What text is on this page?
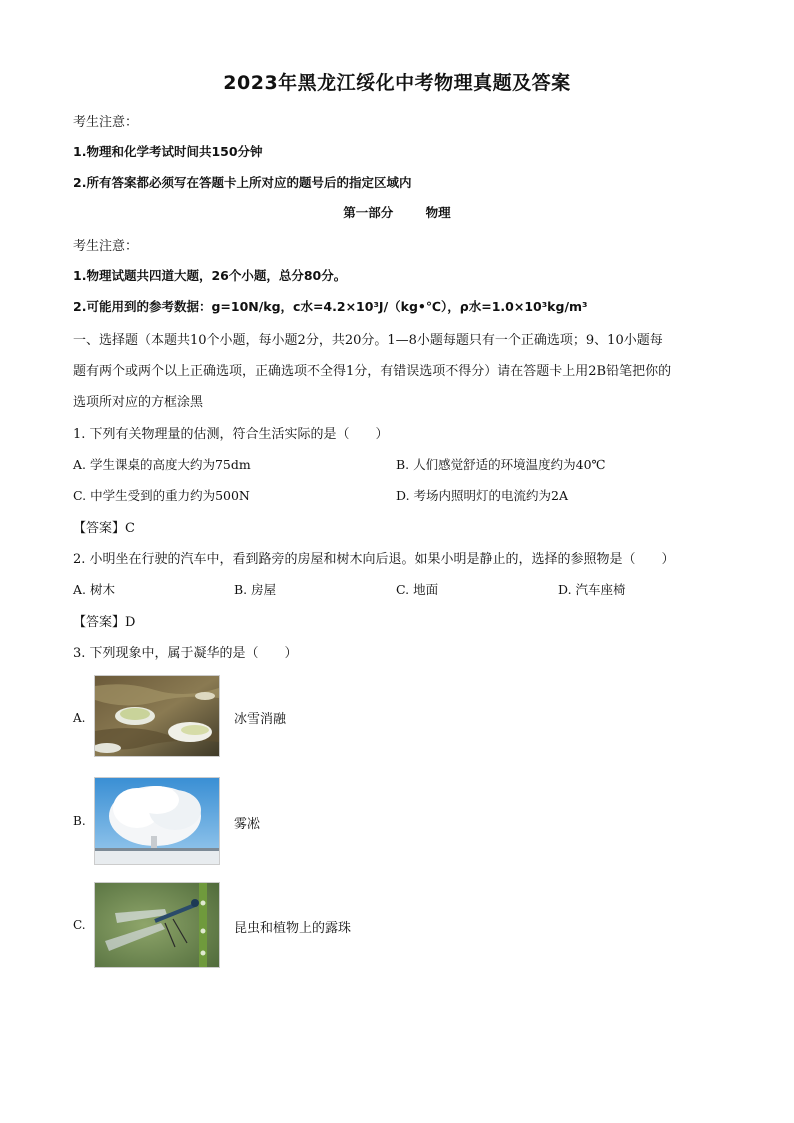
2023年黑龙江绥化中考物理真题及答案
考生注意：
1.物理和化学考试时间共150分钟
2.所有答案都必须写在答题卡上所对应的题号后的指定区域内
第一部分	物理
考生注意：
1.物理试题共四道大题，26个小题，总分80分。
2.可能用到的参考数据：g=10N/kg，c水=4.2×10³J/（kg•℃），ρ水=1.0×10³kg/m³
一、选择题（本题共10个小题，每小题2分，共20分。1—8小题每题只有一个正确选项；9、10小题每
题有两个或两个以上正确选项，正确选项不全得1分，有错误选项不得分）请在答题卡上用2B铅笔把你的
选项所对应的方框涂黑
1. 下列有关物理量的估测，符合生活实际的是（　　）
A. 学生课桌的高度大约为75dm	B. 人们感觉舒适的环境温度约为40℃
C. 中学生受到的重力约为500N	D. 考场内照明灯的电流约为2A
【答案】C
2. 小明坐在行驶的汽车中，看到路旁的房屋和树木向后退。如果小明是静止的，选择的参照物是（　　）
A. 树木	B. 房屋	C. 地面	D. 汽车座椅
【答案】D
3. 下列现象中，属于凝华的是（　　）
A.	冰雪消融
B.	雾凇
C.	昆虫和植物上的露珠
